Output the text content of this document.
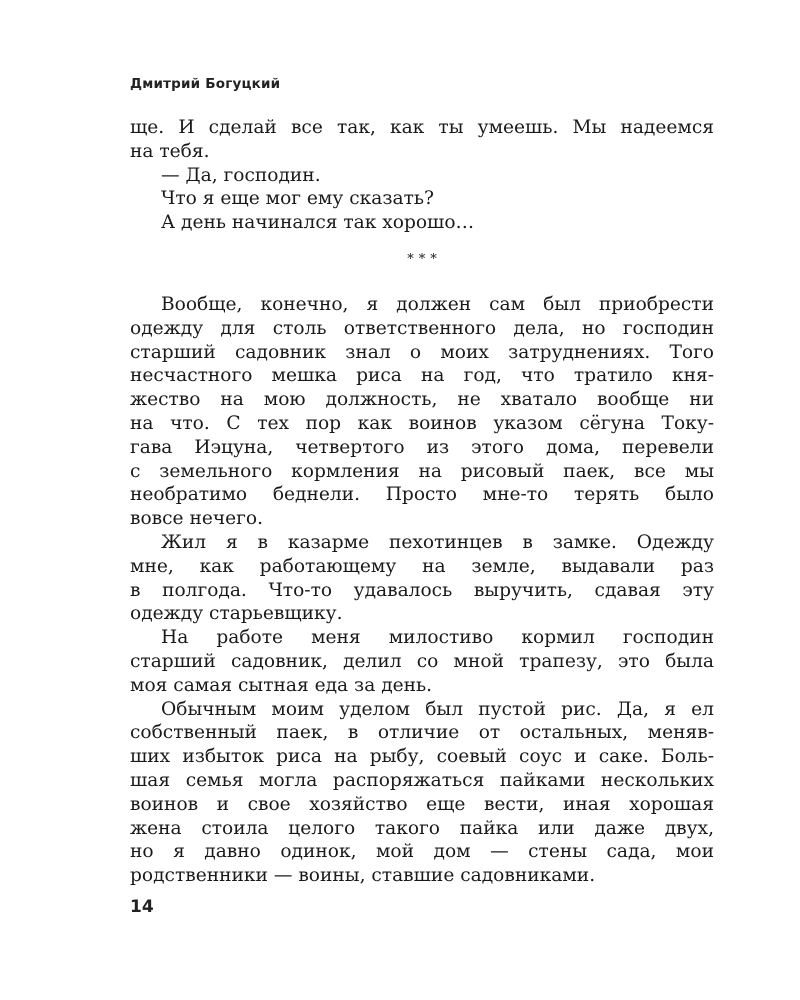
Дмитрий Богуцкий
ще. И сделай все так, как ты умеешь. Мы надеемся
на тебя.
— Да, господин.
Что я еще мог ему сказать?
А день начинался так хорошо…
***
Вообще, конечно, я должен сам был приобрести
одежду для столь ответственного дела, но господин
старший садовник знал о моих затруднениях. Того
несчастного мешка риса на год, что тратило кня-
жество на мою должность, не хватало вообще ни
на что. С тех пор как воинов указом сёгуна Току-
гава Иэцуна, четвертого из этого дома, перевели
с земельного кормления на рисовый паек, все мы
необратимо беднели. Просто мне-то терять было
вовсе нечего.
Жил я в казарме пехотинцев в замке. Одежду
мне, как работающему на земле, выдавали раз
в полгода. Что-то удавалось выручить, сдавая эту
одежду старьевщику.
На работе меня милостиво кормил господин
старший садовник, делил со мной трапезу, это была
моя самая сытная еда за день.
Обычным моим уделом был пустой рис. Да, я ел
собственный паек, в отличие от остальных, меняв-
ших избыток риса на рыбу, соевый соус и саке. Боль-
шая семья могла распоряжаться пайками нескольких
воинов и свое хозяйство еще вести, иная хорошая
жена стоила целого такого пайка или даже двух,
но я давно одинок, мой дом — стены сада, мои
родственники — воины, ставшие садовниками.
14
